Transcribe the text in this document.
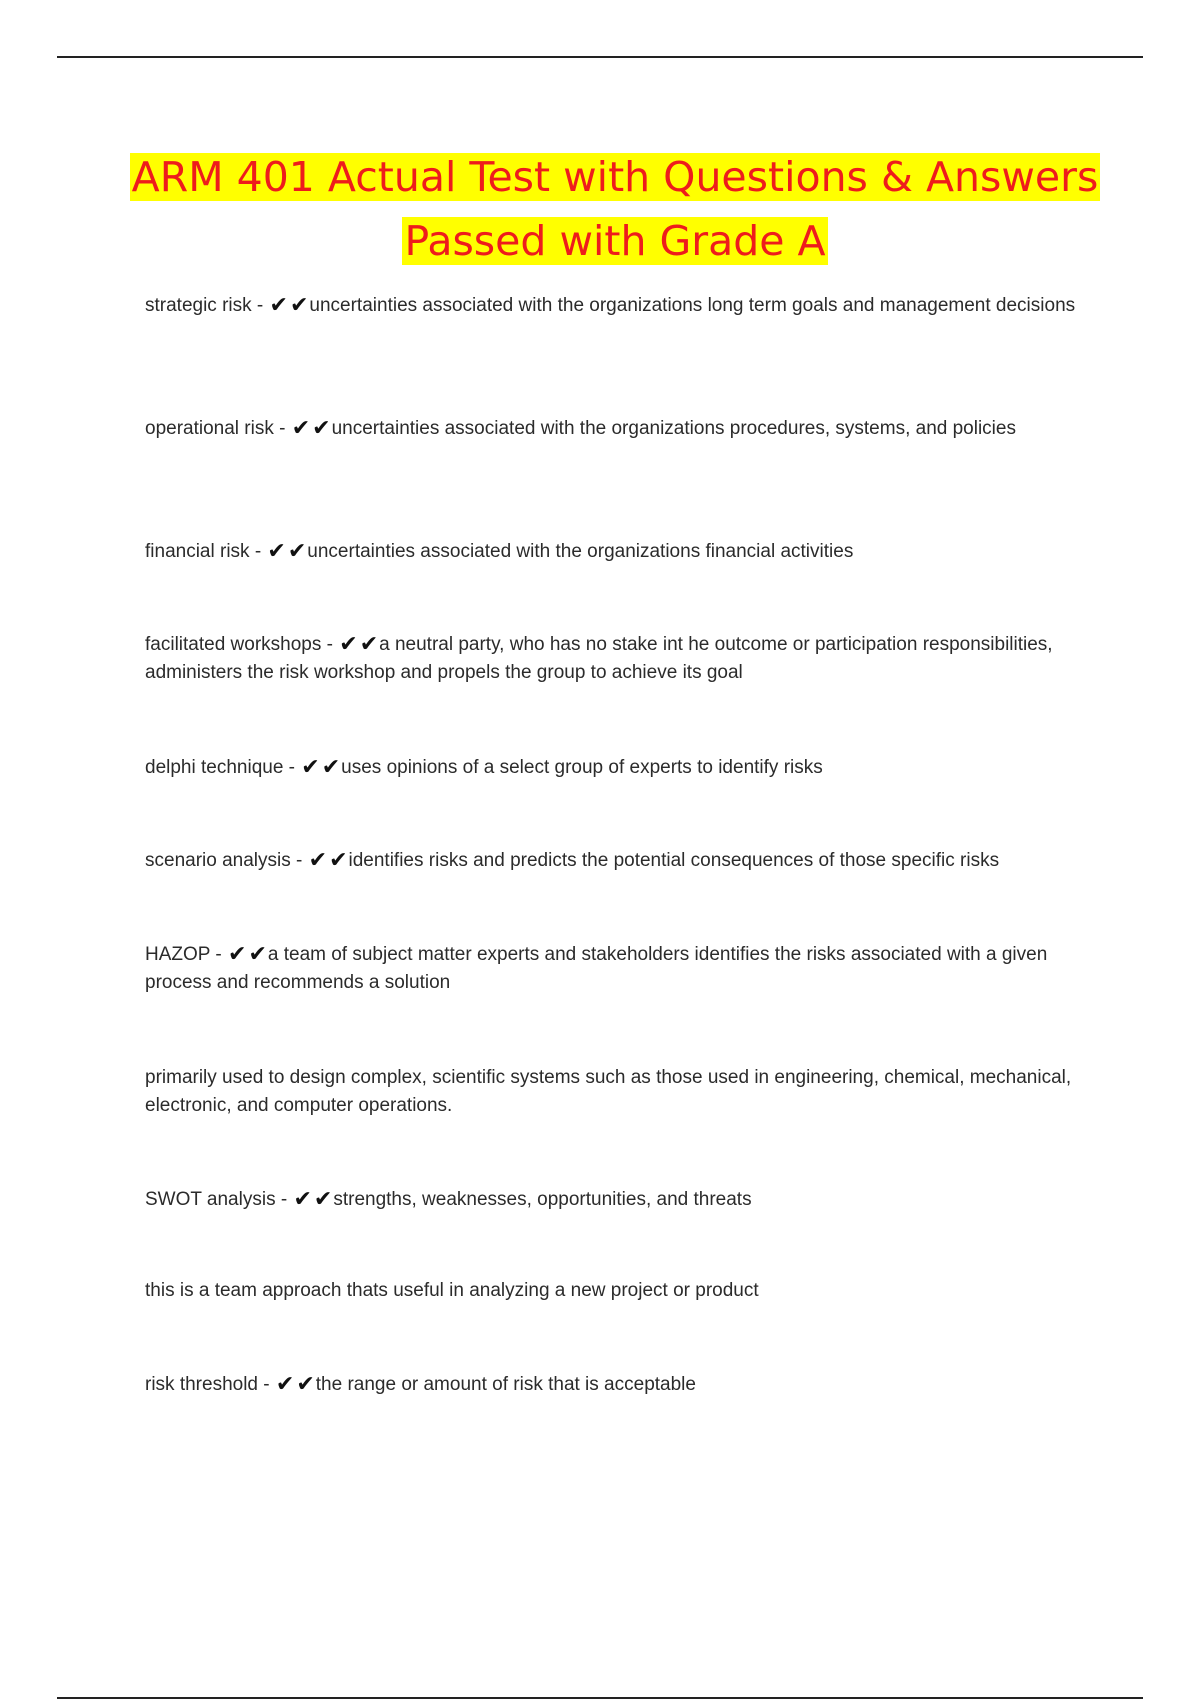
ARM 401 Actual Test with Questions & Answers
Passed with Grade A

strategic risk - ✔✔uncertainties associated with the organizations long term goals and management decisions

operational risk - ✔✔uncertainties associated with the organizations procedures, systems, and policies

financial risk - ✔✔uncertainties associated with the organizations financial activities

facilitated workshops - ✔✔a neutral party, who has no stake int he outcome or participation responsibilities, administers the risk workshop and propels the group to achieve its goal

delphi technique - ✔✔uses opinions of a select group of experts to identify risks

scenario analysis - ✔✔identifies risks and predicts the potential consequences of those specific risks

HAZOP - ✔✔a team of subject matter experts and stakeholders identifies the risks associated with a given process and recommends a solution

primarily used to design complex, scientific systems such as those used in engineering, chemical, mechanical, electronic, and computer operations.

SWOT analysis - ✔✔strengths, weaknesses, opportunities, and threats

this is a team approach thats useful in analyzing a new project or product

risk threshold - ✔✔the range or amount of risk that is acceptable
